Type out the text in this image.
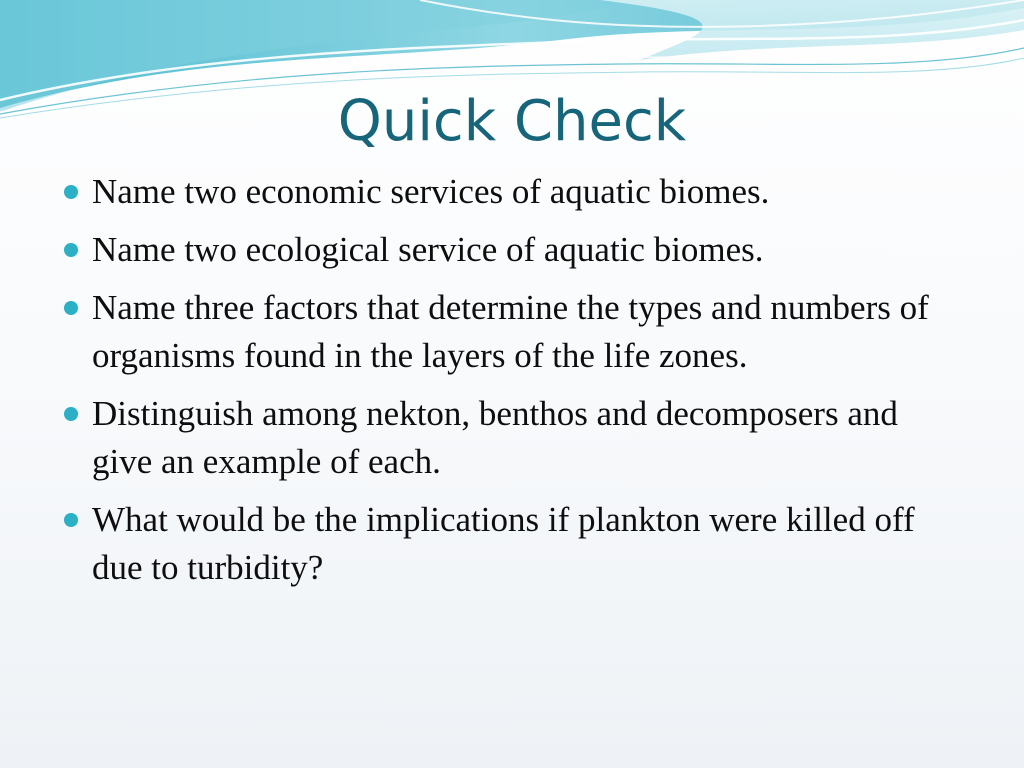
Quick Check
Name two economic services of aquatic biomes.
Name two ecological service of aquatic biomes.
Name three factors that determine the types and numbers of organisms found in the layers of the life zones.
Distinguish among nekton, benthos and decomposers and give an example of each.
What would be the implications if plankton were killed off due to turbidity?
